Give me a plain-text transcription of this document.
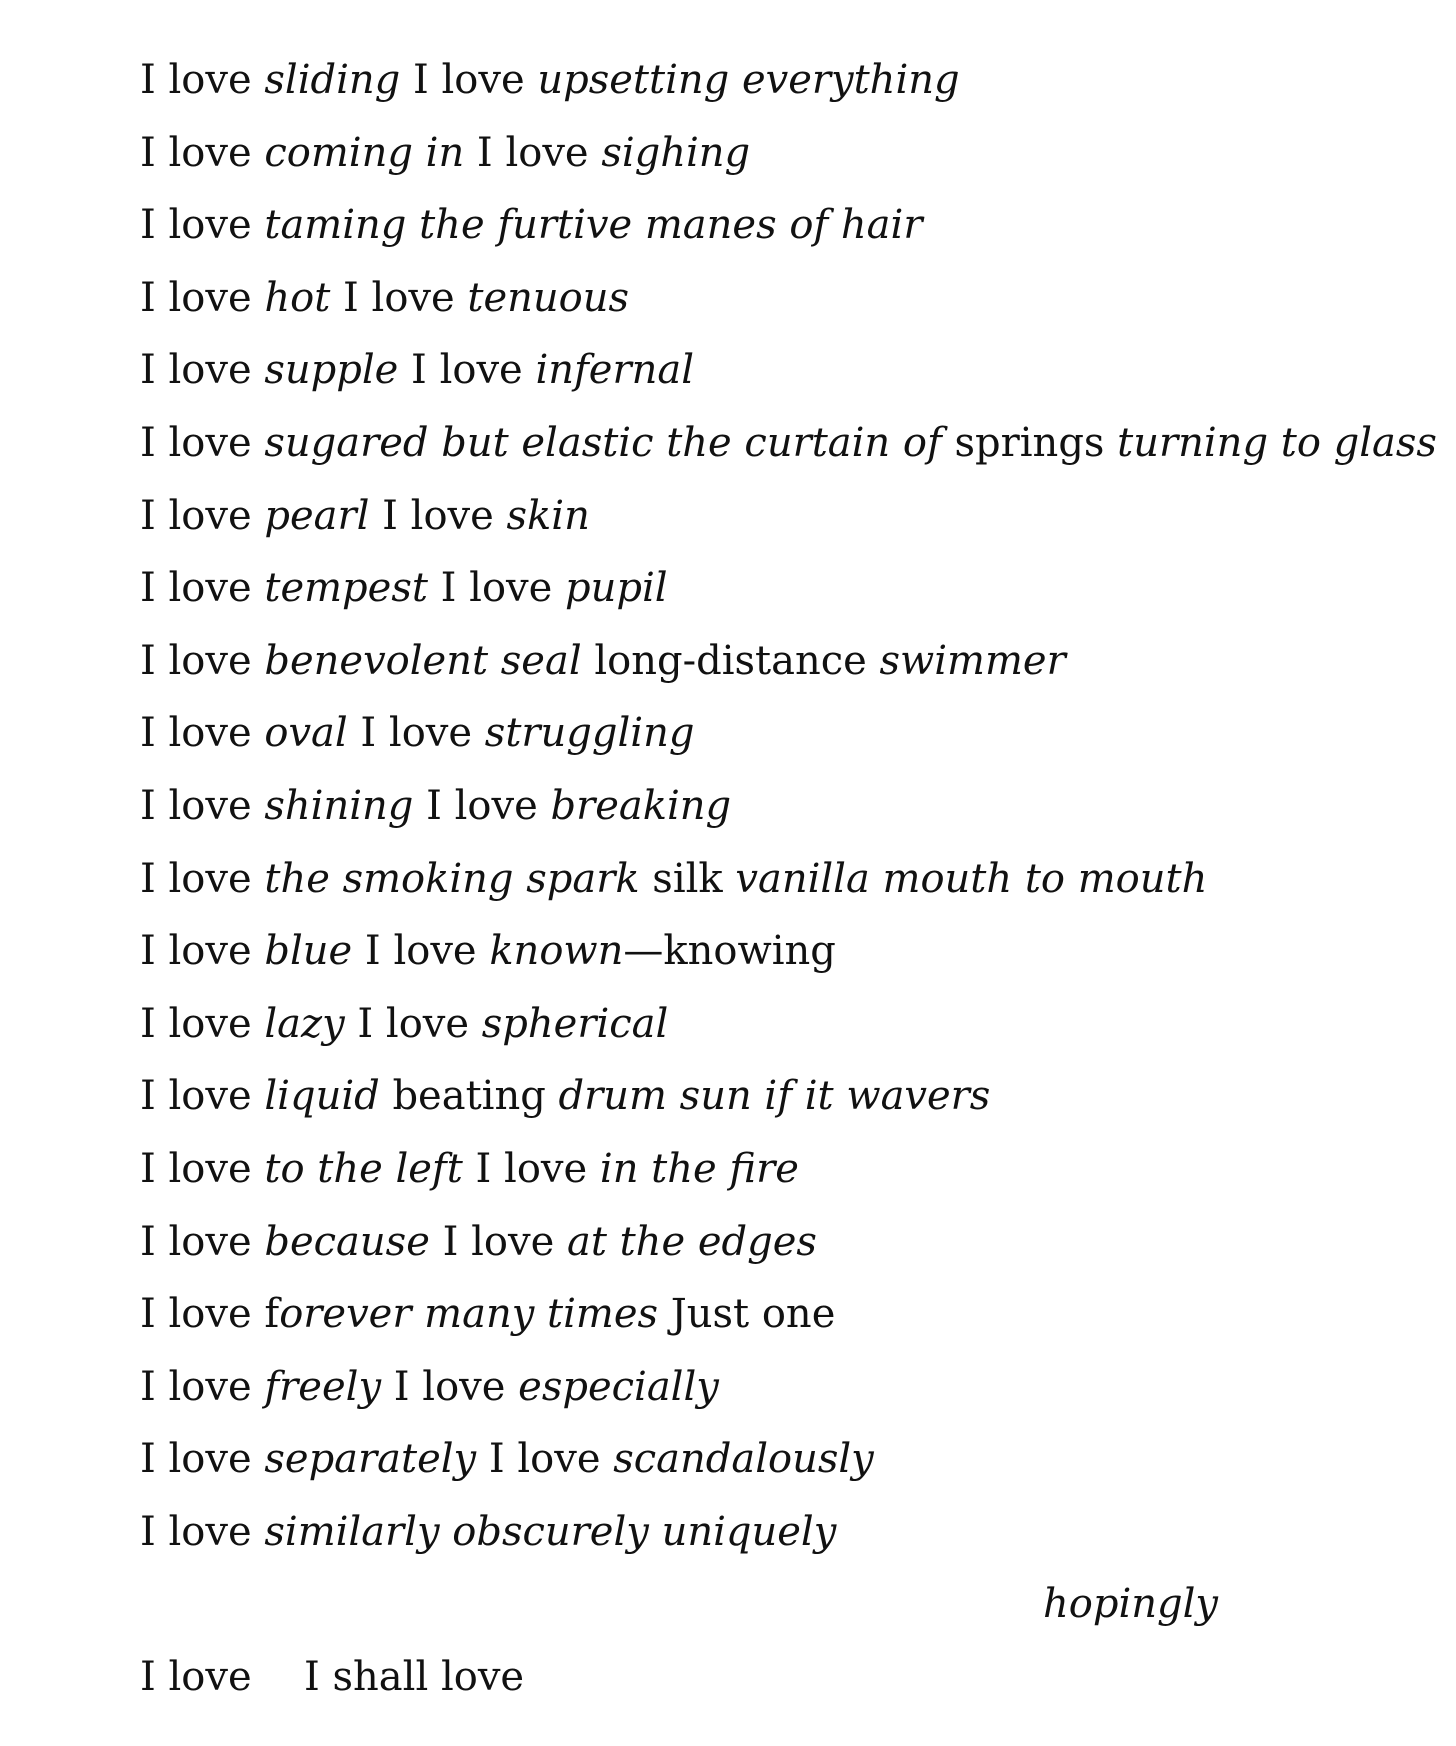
I love sliding I love upsetting everything
I love coming in I love sighing
I love taming the furtive manes of hair
I love hot I love tenuous
I love supple I love infernal
I love sugared but elastic the curtain of springs turning to glass
I love pearl I love skin
I love tempest I love pupil
I love benevolent seal long-distance swimmer
I love oval I love struggling
I love shining I love breaking
I love the smoking spark silk vanilla mouth to mouth
I love blue I love known—knowing
I love lazy I love spherical
I love liquid beating drum sun if it wavers
I love to the left I love in the fire
I love because I love at the edges
I love forever many times Just one
I love freely I love especially
I love separately I love scandalously
I love similarly obscurely uniquely
hopingly
I love I shall love
